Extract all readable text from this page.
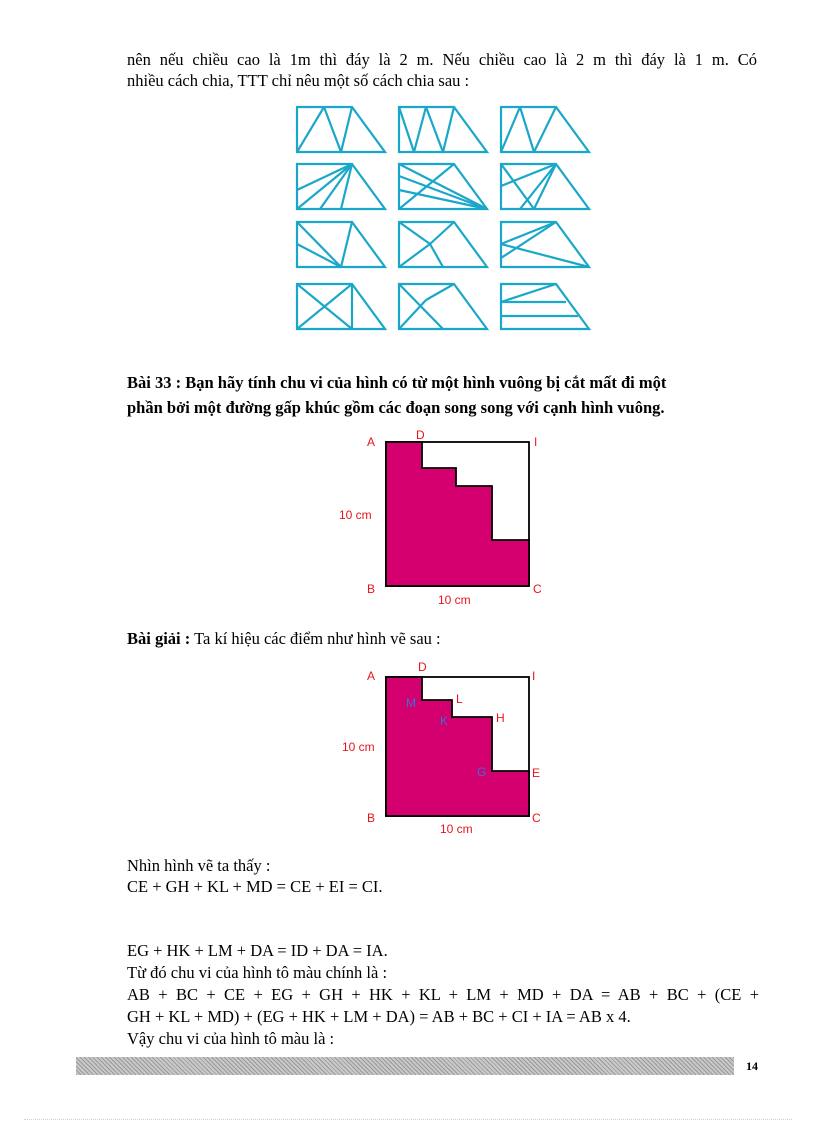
nên nếu chiều cao là 1m thì đáy là 2 m. Nếu chiều cao là 2 m thì đáy là 1 m. Có
nhiều cách chia, TTT chỉ nêu một số cách chia sau :
Bài 33 : Bạn hãy tính chu vi của hình có từ một hình vuông bị cắt mất đi một
phần bởi một đường gấp khúc gồm các đoạn song song với cạnh hình vuông.
A	D	I
B	C
10 cm
10 cm
Bài giải : Ta kí hiệu các điểm như hình vẽ sau :
A
D
I
B	C
E
H
L
M
K
G
10 cm
10 cm
Nhìn hình vẽ ta thấy :
CE + GH + KL + MD = CE + EI = CI.
EG + HK + LM + DA = ID + DA = IA.
Từ đó chu vi của hình tô màu chính là :
AB + BC + CE + EG + GH + HK + KL + LM + MD + DA = AB + BC + (CE +
GH + KL + MD) + (EG + HK + LM + DA) = AB + BC + CI + IA = AB x 4.
Vậy chu vi của hình tô màu là :
14
